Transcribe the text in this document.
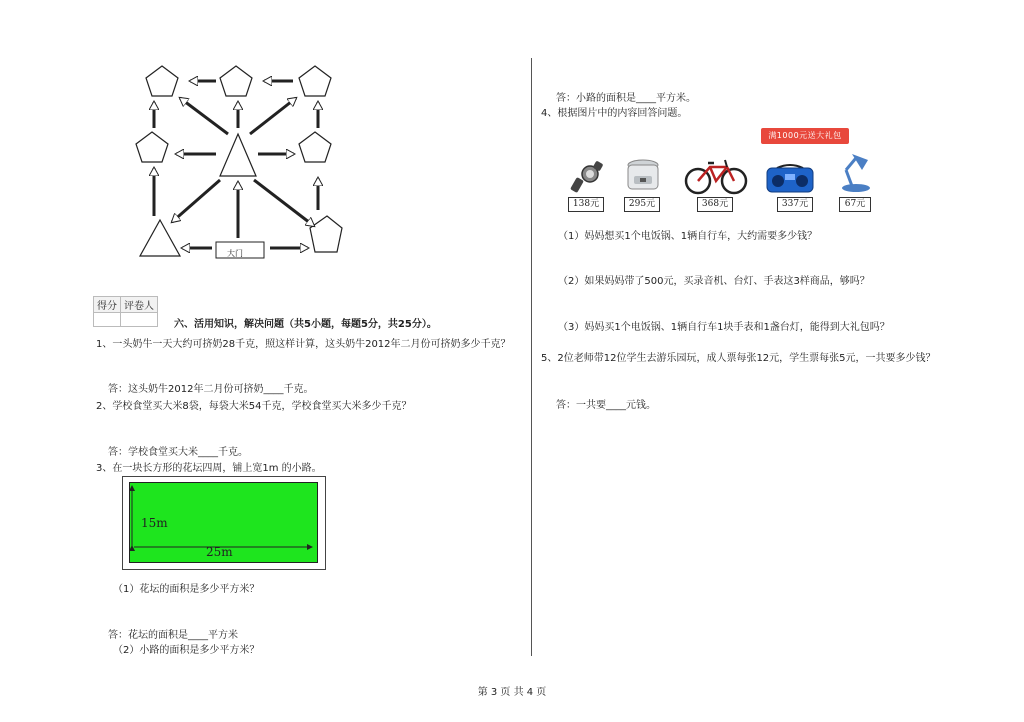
大门
得分	评卷人

六、活用知识，解决问题（共5小题，每题5分，共25分）。
1、一头奶牛一天大约可挤奶28千克，照这样计算，这头奶牛2012年二月份可挤奶多少千克？
答：这头奶牛2012年二月份可挤奶____千克。
2、学校食堂买大米8袋，每袋大米54千克，学校食堂买大米多少千克？
答：学校食堂买大米____千克。
3、在一块长方形的花坛四周，铺上宽1m 的小路。
15m
25m
（1）花坛的面积是多少平方米？
答：花坛的面积是____平方米
（2）小路的面积是多少平方米？
答：小路的面积是____平方米。
4、根据图片中的内容回答问题。
满1000元送大礼包
138元	295元	368元	337元	67元
（1）妈妈想买1个电饭锅、1辆自行车，大约需要多少钱？
（2）如果妈妈带了500元，买录音机、台灯、手表这3样商品，够吗？
（3）妈妈买1个电饭锅、1辆自行车1块手表和1盏台灯，能得到大礼包吗？
5、2位老师带12位学生去游乐园玩，成人票每张12元，学生票每张5元，一共要多少钱？
答：一共要____元钱。
第 3 页 共 4 页
